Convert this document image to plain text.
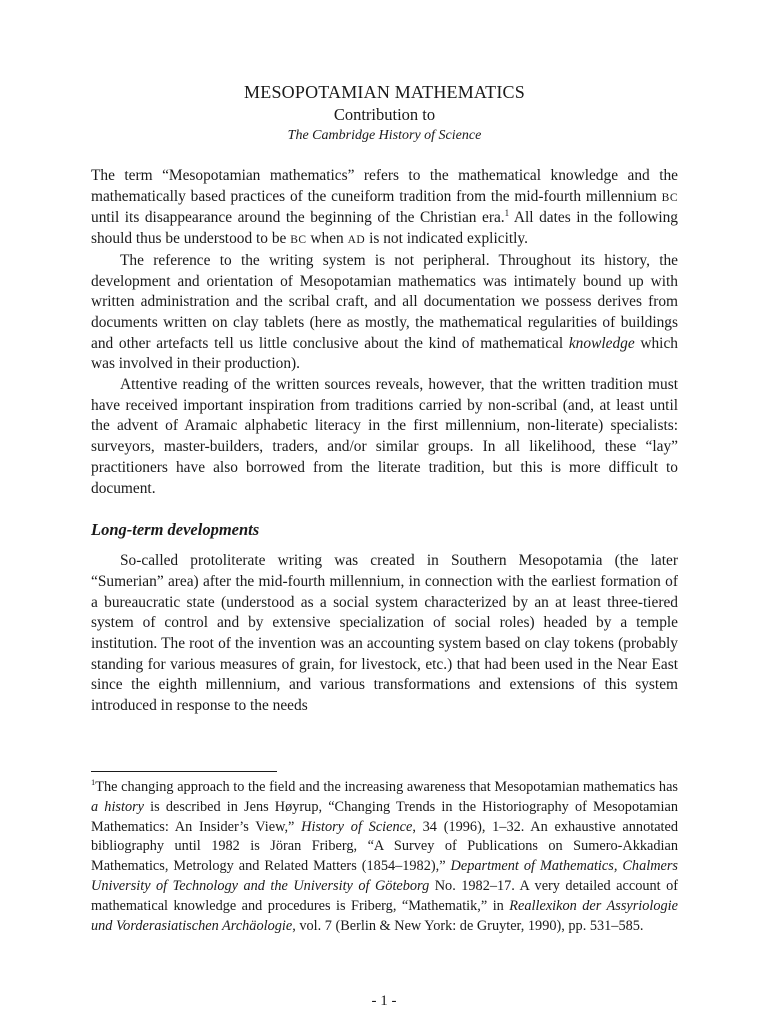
MESOPOTAMIAN MATHEMATICS
Contribution to
The Cambridge History of Science

The term “Mesopotamian mathematics” refers to the mathematical knowledge and the mathematically based practices of the cuneiform tradition from the mid-fourth millennium BC until its disappearance around the beginning of the Christian era.$^1$ All dates in the following should thus be understood to be BC when AD is not indicated explicitly.

The reference to the writing system is not peripheral. Throughout its history, the development and orientation of Mesopotamian mathematics was intimately bound up with written administration and the scribal craft, and all documentation we possess derives from documents written on clay tablets (here as mostly, the mathematical regularities of buildings and other artefacts tell us little conclusive about the kind of mathematical knowledge which was involved in their production).

Attentive reading of the written sources reveals, however, that the written tradition must have received important inspiration from traditions carried by non-scribal (and, at least until the advent of Aramaic alphabetic literacy in the first millennium, non-literate) specialists: surveyors, master-builders, traders, and/or similar groups. In all likelihood, these “lay” practitioners have also borrowed from the literate tradition, but this is more difficult to document.

Long-term developments

So-called protoliterate writing was created in Southern Mesopotamia (the later “Sumerian” area) after the mid-fourth millennium, in connection with the earliest formation of a bureaucratic state (understood as a social system characterized by an at least three-tiered system of control and by extensive specialization of social roles) headed by a temple institution. The root of the invention was an accounting system based on clay tokens (probably standing for various measures of grain, for livestock, etc.) that had been used in the Near East since the eighth millennium, and various transformations and extensions of this system introduced in response to the needs

$^1$The changing approach to the field and the increasing awareness that Mesopotamian mathematics has a history is described in Jens Høyrup, “Changing Trends in the Historiography of Mesopotamian Mathematics: An Insider’s View,” History of Science, 34 (1996), 1–32. An exhaustive annotated bibliography until 1982 is Jöran Friberg, “A Survey of Publications on Sumero-Akkadian Mathematics, Metrology and Related Matters (1854–1982),” Department of Mathematics, Chalmers University of Technology and the University of Göteborg No. 1982–17. A very detailed account of mathematical knowledge and procedures is Friberg, “Mathematik,” in Reallexikon der Assyriologie und Vorderasiatischen Archäologie, vol. 7 (Berlin & New York: de Gruyter, 1990), pp. 531–585.
- 1 -
